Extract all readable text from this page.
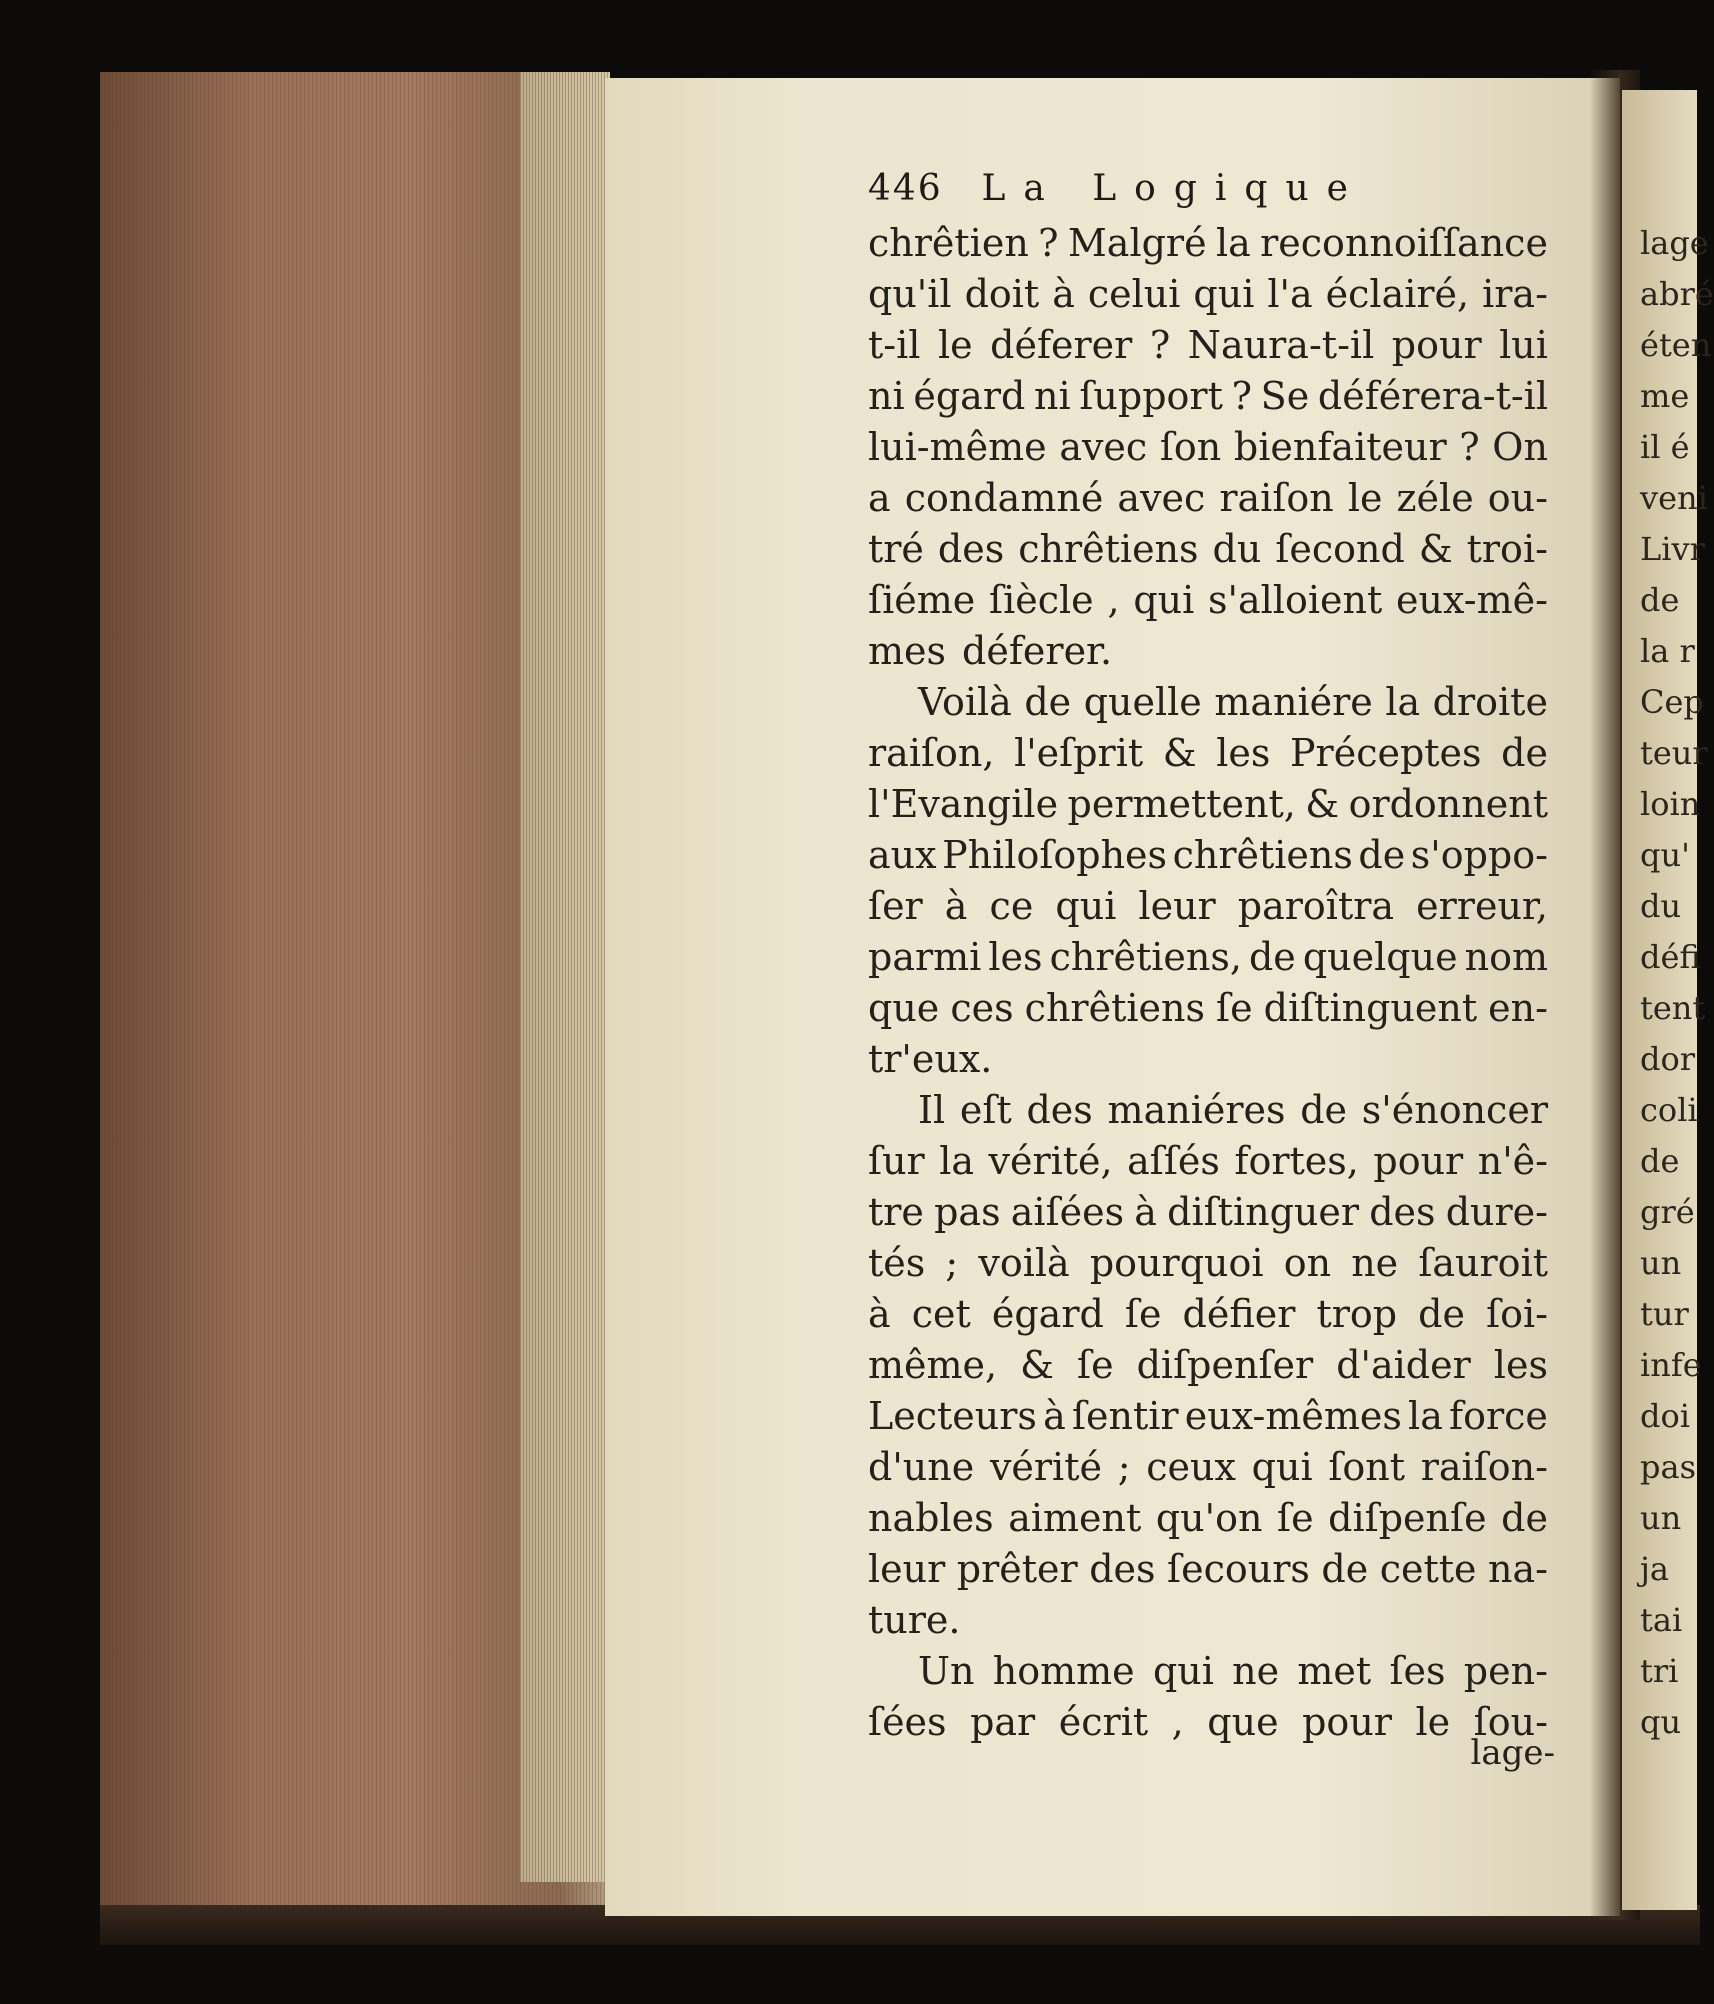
446 La Logique
chrêtien ? Malgré la reconnoiſſance
qu'il doit à celui qui l'a éclairé, ira-
t-il le déferer ? Naura-t-il pour lui
ni égard ni ſupport ? Se déférera-t-il
lui-même avec ſon bienfaiteur ? On
a condamné avec raiſon le zéle ou-
tré des chrêtiens du ſecond & troi-
ſiéme ſiècle , qui s'alloient eux-mê-
mes déferer.
Voilà de quelle maniére la droite
raiſon, l'eſprit & les Préceptes de
l'Evangile permettent, & ordonnent
aux Philoſophes chrêtiens de s'oppo-
ſer à ce qui leur paroîtra erreur,
parmi les chrêtiens, de quelque nom
que ces chrêtiens ſe diſtinguent en-
tr'eux.
Il eſt des maniéres de s'énoncer
ſur la vérité, aſſés fortes, pour n'ê-
tre pas aiſées à diſtinguer des dure-
tés ; voilà pourquoi on ne ſauroit
à cet égard ſe défier trop de ſoi-
même, & ſe diſpenſer d'aider les
Lecteurs à ſentir eux-mêmes la force
d'une vérité ; ceux qui ſont raiſon-
nables aiment qu'on ſe diſpenſe de
leur prêter des ſecours de cette na-
ture.
Un homme qui ne met ſes pen-
ſées par écrit , que pour le ſou-
lage-
lage
abré
éten
me
il é
veni
Livr
de
la r
Cep
teur
loin
qu'
du
défi
tent
dor
coli
de
gré
un
tur
infe
doi
pas
un
ja
tai
tri
qu
